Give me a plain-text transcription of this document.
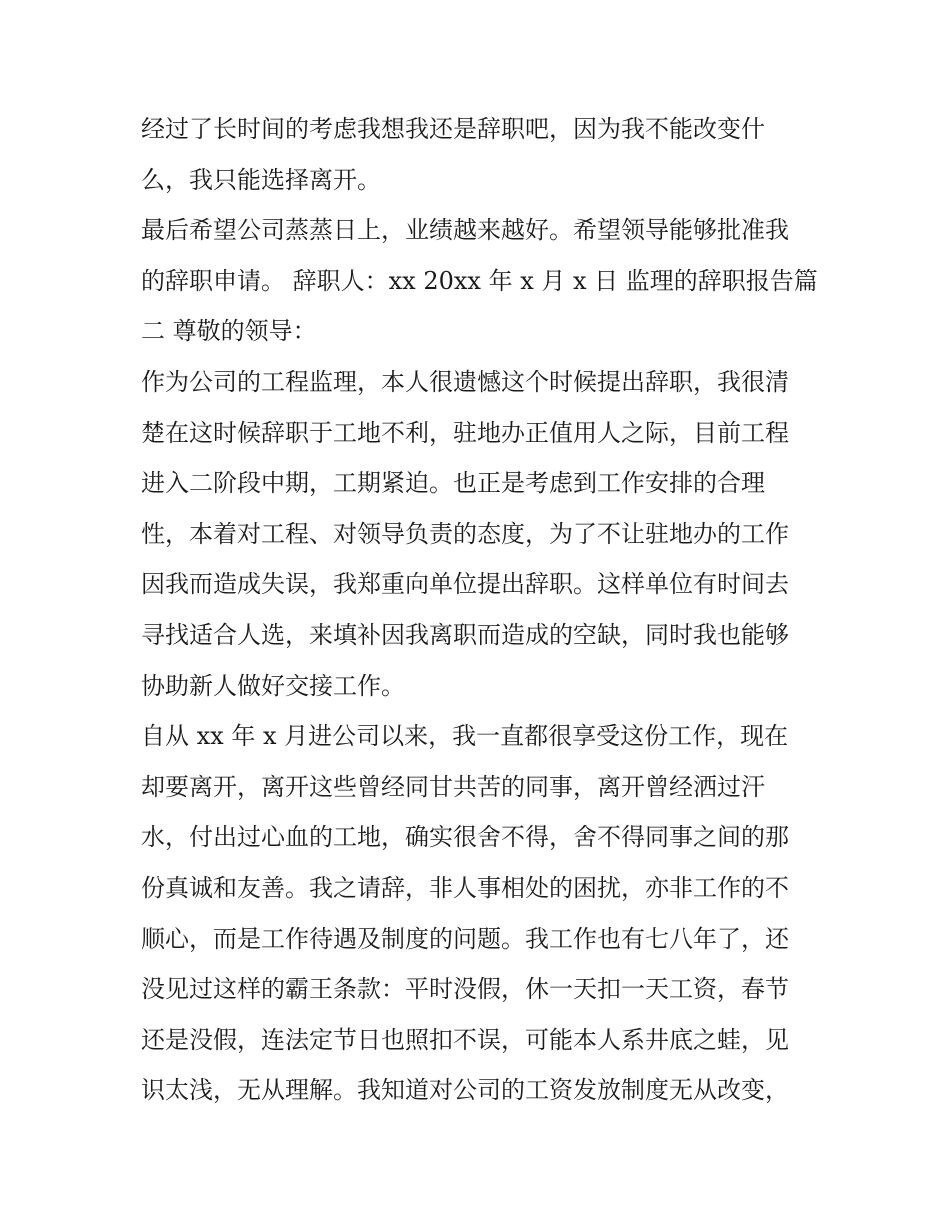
经过了长时间的考虑我想我还是辞职吧，因为我不能改变什

么，我只能选择离开。

最后希望公司蒸蒸日上，业绩越来越好。希望领导能够批准我

的辞职申请。 辞职人：xx 20xx 年 x 月 x 日 监理的辞职报告篇

二 尊敬的领导：

作为公司的工程监理，本人很遗憾这个时候提出辞职，我很清

楚在这时候辞职于工地不利，驻地办正值用人之际，目前工程

进入二阶段中期，工期紧迫。也正是考虑到工作安排的合理

性，本着对工程、对领导负责的态度，为了不让驻地办的工作

因我而造成失误，我郑重向单位提出辞职。这样单位有时间去

寻找适合人选，来填补因我离职而造成的空缺，同时我也能够

协助新人做好交接工作。

自从 xx 年 x 月进公司以来，我一直都很享受这份工作，现在

却要离开，离开这些曾经同甘共苦的同事，离开曾经洒过汗

水，付出过心血的工地，确实很舍不得，舍不得同事之间的那

份真诚和友善。我之请辞，非人事相处的困扰，亦非工作的不

顺心，而是工作待遇及制度的问题。我工作也有七八年了，还

没见过这样的霸王条款：平时没假，休一天扣一天工资，春节

还是没假，连法定节日也照扣不误，可能本人系井底之蛙，见

识太浅，无从理解。我知道对公司的工资发放制度无从改变，
